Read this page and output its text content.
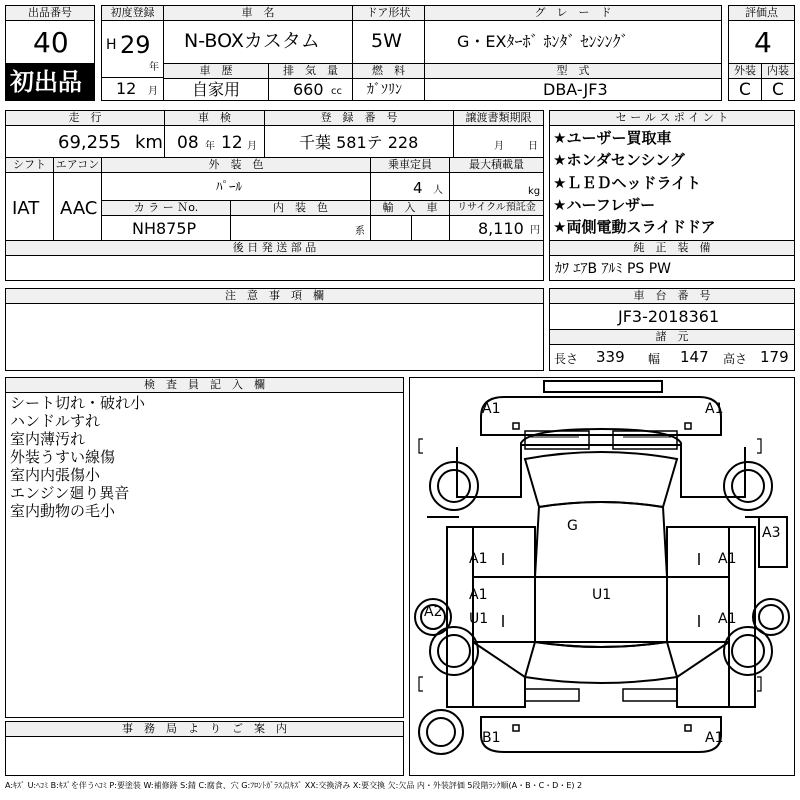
出品番号
40
初出品
初度登録
H 29
年
12 月
車　名
N-BOXカスタム
ドア形状
5W
グ　レ　ー　ド
G・EXﾀｰﾎﾞ ﾎﾝﾀﾞ ｾﾝｼﾝｸﾞ
車　歴
自家用
排　気　量
660 cc
燃　料
ｶﾞｿﾘﾝ
型　式
DBA-JF3
評価点
4
外装	内装
C C
走　行
69,255 km
車　検
08 年 12 月
登　録　番　号
千葉 581テ 228
譲渡書類期限
月 日
セ ー ル ス ポ イ ン ト
★ユーザー買取車
★ホンダセンシング
★ＬＥＤヘッドライト
★ハーフレザー
★両側電動スライドドア
シフト
IAT
エアコン
AAC
外　装　色
ﾊﾟｰﾙ
乗車定員
4 人
最大積載量
kg
カ ラ ー Ｎo.
NH875P
内　装　色
系
輸　入　車	リサイクル預託金
8,110 円
後 日 発 送 部 品	純　正　装　備
ｶﾜ ｴｱB ｱﾙﾐ PS PW
注　意　事　項　欄	車　台　番　号
JF3-2018361
諸　元
長さ 339 幅 147 高さ 179
検　査　員　記　入　欄
シート切れ・破れ小
ハンドルすれ
室内薄汚れ
外装うすい線傷
室内内張傷小
エンジン廻り異音
室内動物の毛小
事　務　局　よ　り　ご　案　内
A1	A1
G
A1	A1
A3
A1
U1
U1
A1
A2
B1	A1
A:ｷｽﾞ U:ﾍｺﾐ B:ｷｽﾞを伴うﾍｺﾐ P:要塗装 W:補修跡 S:錆 C:腐食、穴 G:ﾌﾛﾝﾄｶﾞﾗｽ点ｷｽﾞ XX:交換済み X:要交換 欠:欠品 内・外装評価 5段階ﾗﾝｸ順(A・B・C・D・E) 2
